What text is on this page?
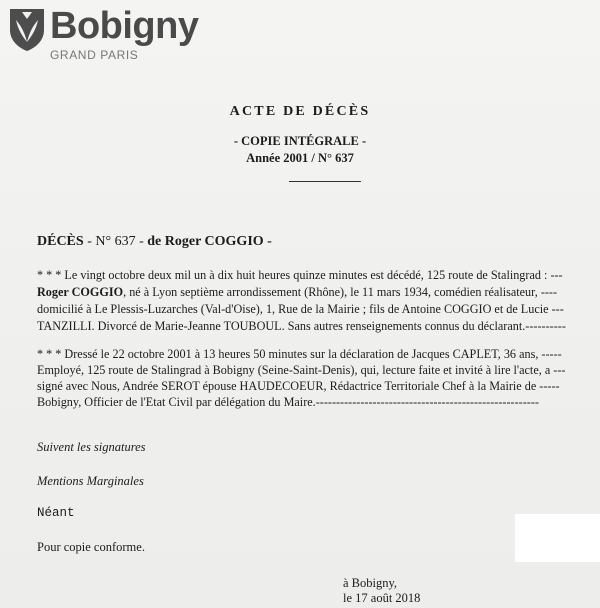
Bobigny
GRAND PARIS
ACTE DE DÉCÈS
- COPIE INTÉGRALE -
Année 2001 / N° 637
DÉCÈS - N° 637 - de Roger COGGIO -
* * * Le vingt octobre deux mil un à dix huit heures quinze minutes est décédé, 125 route de Stalingrad : ---
Roger COGGIO, né à Lyon septième arrondissement (Rhône), le 11 mars 1934, comédien réalisateur, ----
domicilié à Le Plessis-Luzarches (Val-d'Oise), 1, Rue de la Mairie ; fils de Antoine COGGIO et de Lucie ---
TANZILLI. Divorcé de Marie-Jeanne TOUBOUL. Sans autres renseignements connus du déclarant.----------
* * * Dressé le 22 octobre 2001 à 13 heures 50 minutes sur la déclaration de Jacques CAPLET, 36 ans, -----
Employé, 125 route de Stalingrad à Bobigny (Seine-Saint-Denis), qui, lecture faite et invité à lire l'acte, a ---
signé avec Nous, Andrée SEROT épouse HAUDECOEUR, Rédactrice Territoriale Chef à la Mairie de -----
Bobigny, Officier de l'Etat Civil par délégation du Maire.-------------------------------------------------------
Suivent les signatures
Mentions Marginales
Néant
Pour copie conforme.
à Bobigny,
le 17 août 2018
